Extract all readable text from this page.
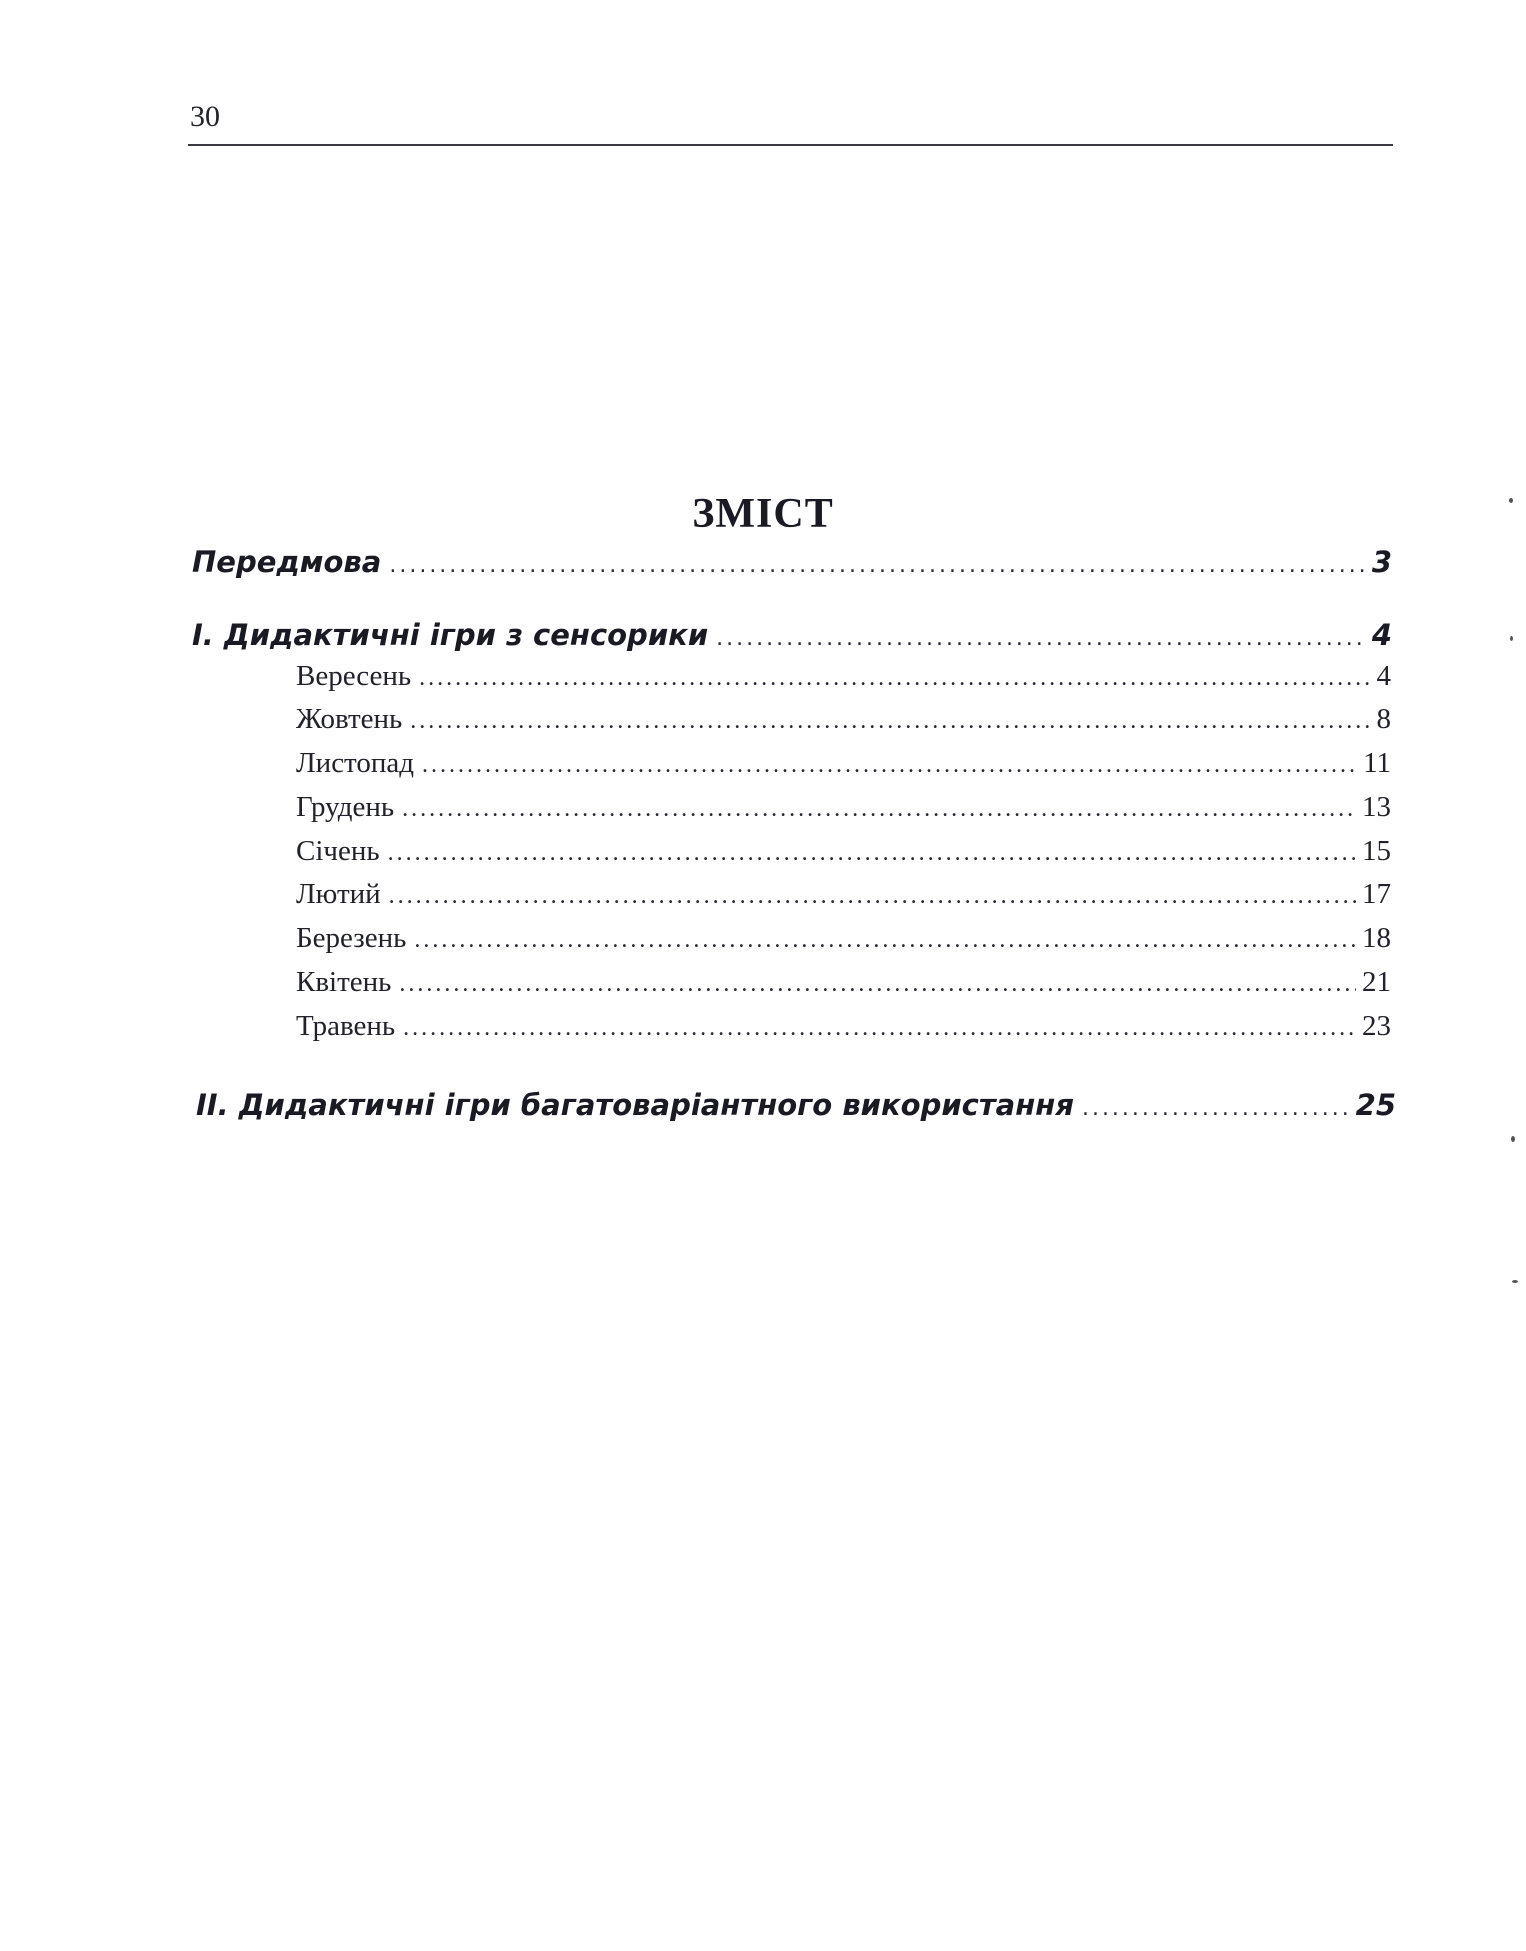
30
ЗМІСТ
Передмова .....	3
I. Дидактичні ігри з сенсорики .....	4
Вересень .....	4
Жовтень .....	8
Листопад .....	11
Грудень .....	13
Січень .....	15
Лютий .....	17
Березень .....	18
Квітень .....	21
Травень .....	23
II. Дидактичні ігри багатоваріантного використання .....	25
